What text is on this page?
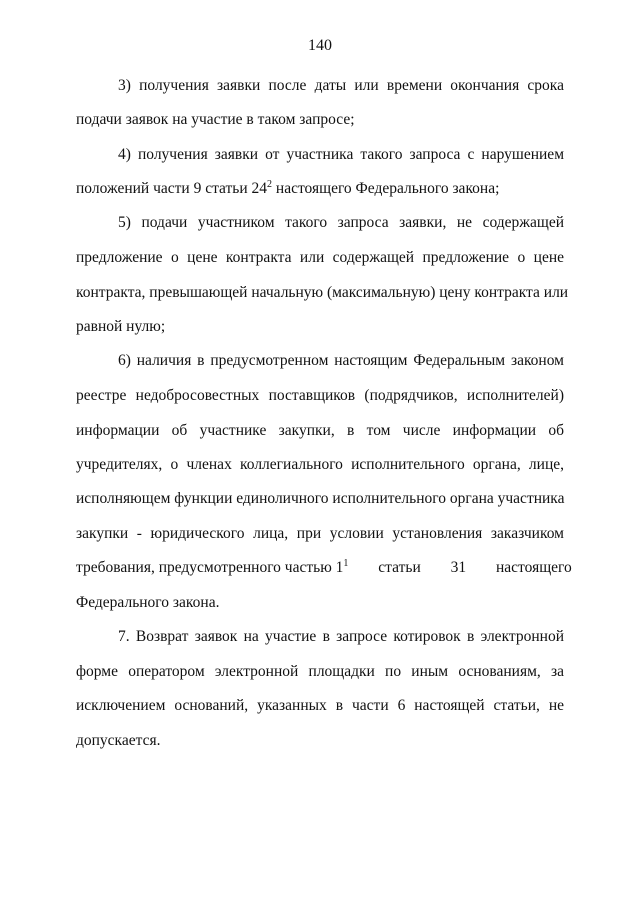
140
3) получения заявки после даты или времени окончания срока
подачи заявок на участие в таком запросе;
4) получения заявки от участника такого запроса с нарушением
положений части 9 статьи $24^2$ настоящего Федерального закона;
5) подачи участником такого запроса заявки, не содержащей
предложение о цене контракта или содержащей предложение о цене
контракта, превышающей начальную (максимальную) цену контракта или
равной нулю;
6) наличия в предусмотренном настоящим Федеральным законом
реестре недобросовестных поставщиков (подрядчиков, исполнителей)
информации об участнике закупки, в том числе информации об
учредителях, о членах коллегиального исполнительного органа, лице,
исполняющем функции единоличного исполнительного органа участника
закупки - юридического лица, при условии установления заказчиком
требования, предусмотренного частью $1^1$ статьи 31 настоящего
Федерального закона.
7. Возврат заявок на участие в запросе котировок в электронной
форме оператором электронной площадки по иным основаниям, за
исключением оснований, указанных в части 6 настоящей статьи, не
допускается.
